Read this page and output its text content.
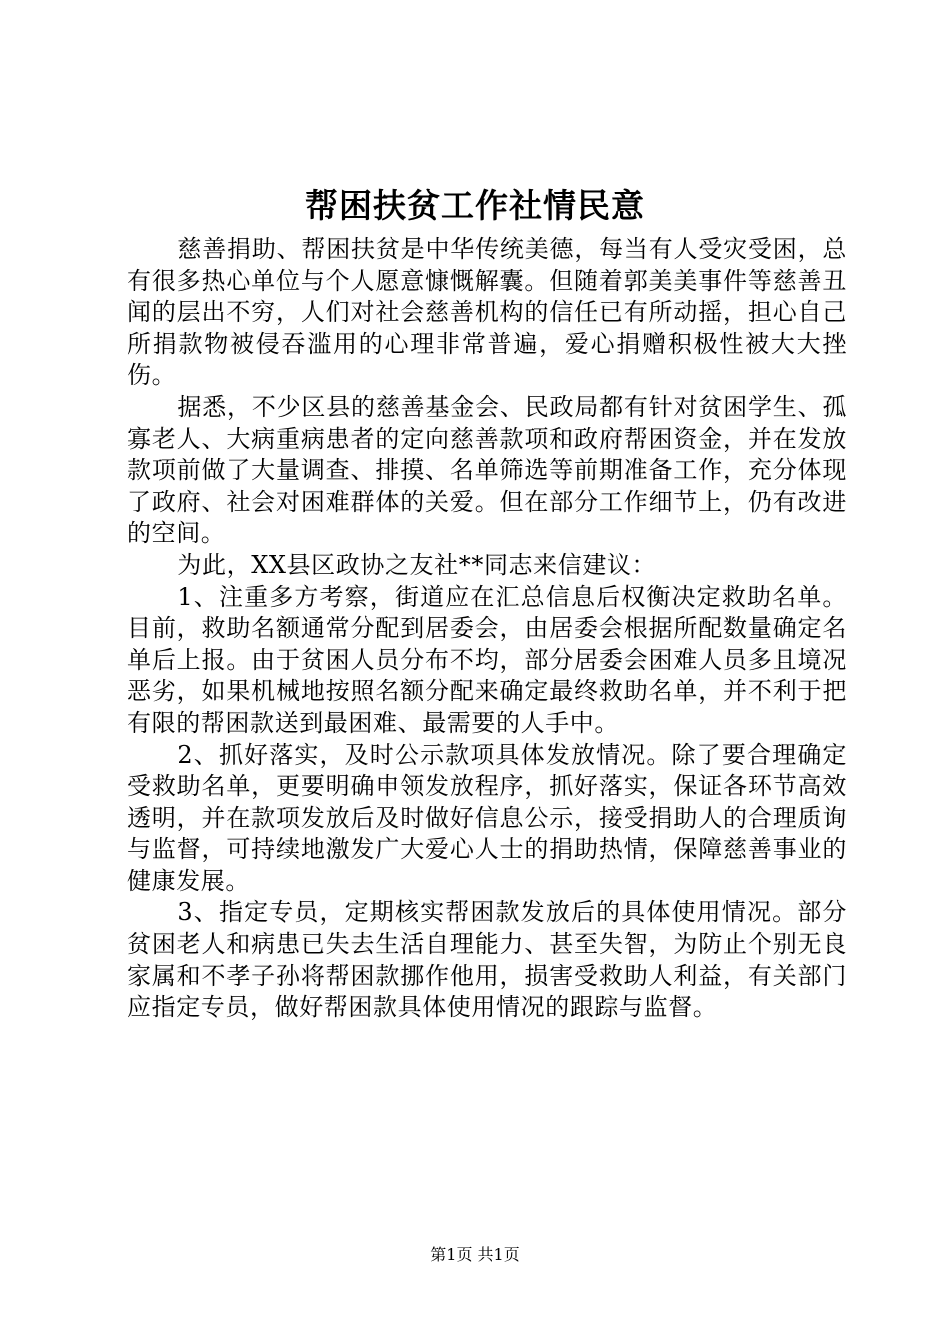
帮困扶贫工作社情民意

慈善捐助、帮困扶贫是中华传统美德，每当有人受灾受困，总有很多热心单位与个人愿意慷慨解囊。但随着郭美美事件等慈善丑闻的层出不穷，人们对社会慈善机构的信任已有所动摇，担心自己所捐款物被侵吞滥用的心理非常普遍，爱心捐赠积极性被大大挫伤。

据悉，不少区县的慈善基金会、民政局都有针对贫困学生、孤寡老人、大病重病患者的定向慈善款项和政府帮困资金，并在发放款项前做了大量调查、排摸、名单筛选等前期准备工作，充分体现了政府、社会对困难群体的关爱。但在部分工作细节上，仍有改进的空间。

为此，XX县区政协之友社**同志来信建议：

1、注重多方考察，街道应在汇总信息后权衡决定救助名单。目前，救助名额通常分配到居委会，由居委会根据所配数量确定名单后上报。由于贫困人员分布不均，部分居委会困难人员多且境况恶劣，如果机械地按照名额分配来确定最终救助名单，并不利于把有限的帮困款送到最困难、最需要的人手中。

2、抓好落实，及时公示款项具体发放情况。除了要合理确定受救助名单，更要明确申领发放程序，抓好落实，保证各环节高效透明，并在款项发放后及时做好信息公示，接受捐助人的合理质询与监督，可持续地激发广大爱心人士的捐助热情，保障慈善事业的健康发展。

3、指定专员，定期核实帮困款发放后的具体使用情况。部分贫困老人和病患已失去生活自理能力、甚至失智，为防止个别无良家属和不孝子孙将帮困款挪作他用，损害受救助人利益，有关部门应指定专员，做好帮困款具体使用情况的跟踪与监督。

第1页 共1页
